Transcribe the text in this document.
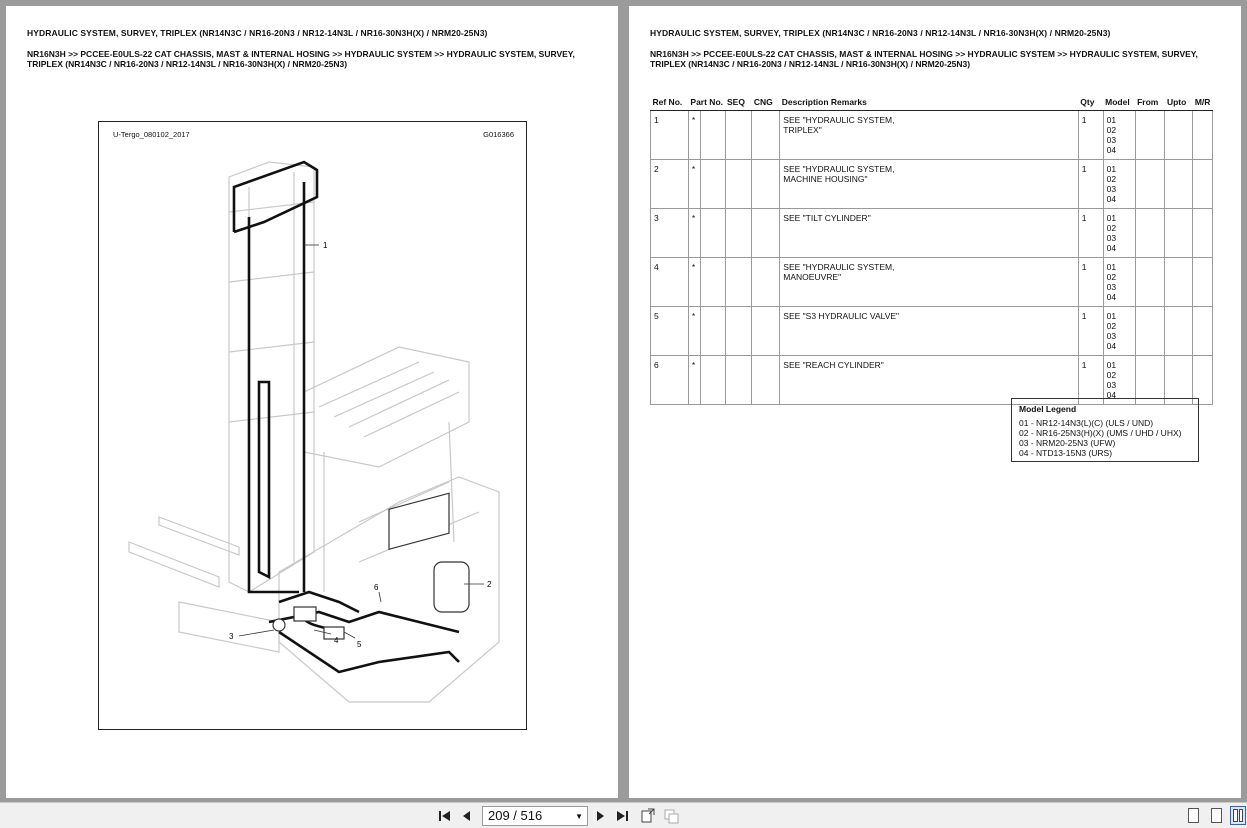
HYDRAULIC SYSTEM, SURVEY, TRIPLEX (NR14N3C / NR16-20N3 / NR12-14N3L / NR16-30N3H(X) / NRM20-25N3)
NR16N3H >> PCCEE-E0ULS-22 CAT CHASSIS, MAST & INTERNAL HOSING >> HYDRAULIC SYSTEM >> HYDRAULIC SYSTEM, SURVEY, TRIPLEX (NR14N3C / NR16-20N3 / NR12-14N3L / NR16-30N3H(X) / NRM20-25N3)
U-Tergo_080102_2017	G016366
1
2
3	4 5
6
HYDRAULIC SYSTEM, SURVEY, TRIPLEX (NR14N3C / NR16-20N3 / NR12-14N3L / NR16-30N3H(X) / NRM20-25N3)
NR16N3H >> PCCEE-E0ULS-22 CAT CHASSIS, MAST & INTERNAL HOSING >> HYDRAULIC SYSTEM >> HYDRAULIC SYSTEM, SURVEY, TRIPLEX (NR14N3C / NR16-20N3 / NR12-14N3L / NR16-30N3H(X) / NRM20-25N3)
Ref No.	Part No.		SEQ	CNG	Description Remarks	Qty	Model	From	Upto	M/R
1	*				SEE "HYDRAULIC SYSTEM,
TRIPLEX"	1	01
02
03
04			

2	*				SEE "HYDRAULIC SYSTEM,
MACHINE HOUSING"	1	01
02
03
04			

3	*				SEE "TILT CYLINDER"	1	01
02
03
04			

4	*				SEE "HYDRAULIC SYSTEM,
MANOEUVRE"	1	01
02
03
04			

5	*				SEE "S3 HYDRAULIC VALVE"	1	01
02
03
04			

6	*				SEE "REACH CYLINDER"	1	01
02
03
04			

Model Legend
01 - NR12-14N3(L)(C) (ULS / UND)
02 - NR16-25N3(H)(X) (UMS / UHD / UHX)
03 - NRM20-25N3 (UFW)
04 - NTD13-15N3 (URS)
209 / 516	▼
